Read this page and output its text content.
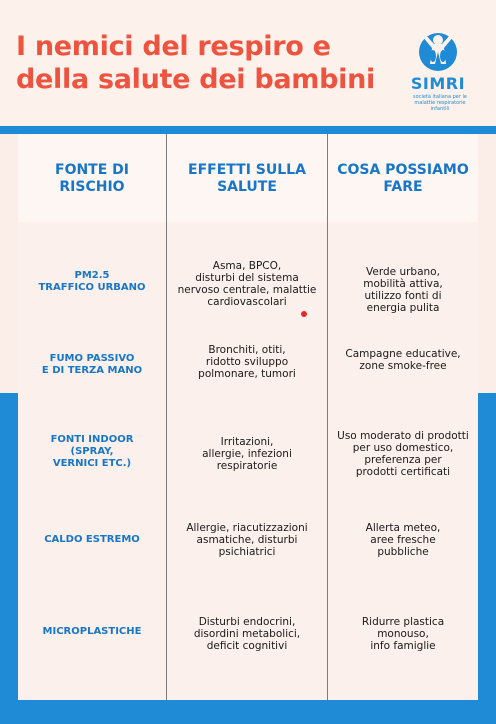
I nemici del respiro e
della salute dei bambini	SIMRI
società italiana per le malattie respiratorie infantili
FONTE DI
RISCHIO
EFFETTI SULLA
SALUTE
COSA POSSIAMO
FARE
PM2.5
TRAFFICO URBANO
Asma, BPCO,
disturbi del sistema
nervoso centrale, malattie
cardiovascolari
Verde urbano,
mobilità attiva,
utilizzo fonti di
energia pulita
FUMO PASSIVO
E DI TERZA MANO
Bronchiti, otiti,
ridotto sviluppo
polmonare, tumori
Campagne educative,
zone smoke-free
FONTI INDOOR
(SPRAY,
VERNICI ETC.)
Irritazioni,
allergie, infezioni
respiratorie
Uso moderato di prodotti
per uso domestico,
preferenza per
prodotti certificati
CALDO ESTREMO
Allergie, riacutizzazioni
asmatiche, disturbi
psichiatrici
Allerta meteo,
aree fresche
pubbliche
MICROPLASTICHE
Disturbi endocrini,
disordini metabolici,
deficit cognitivi
Ridurre plastica
monouso,
info famiglie
